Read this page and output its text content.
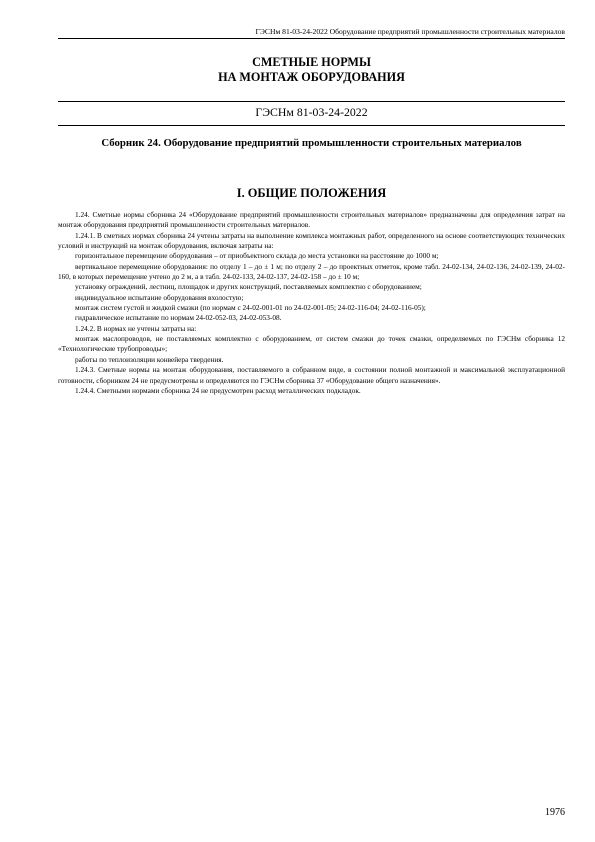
ГЭСНм 81-03-24-2022 Оборудование предприятий промышленности строительных материалов
СМЕТНЫЕ НОРМЫ
НА МОНТАЖ ОБОРУДОВАНИЯ
ГЭСНм 81-03-24-2022
Сборник 24. Оборудование предприятий промышленности строительных материалов
I. ОБЩИЕ ПОЛОЖЕНИЯ

1.24. Сметные нормы сборника 24 «Оборудование предприятий промышленности строительных материалов» предназначены для определения затрат на монтаж оборудования предприятий промышленности строительных материалов.

1.24.1. В сметных нормах сборника 24 учтены затраты на выполнение комплекса монтажных работ, определенного на основе соответствующих технических условий и инструкций на монтаж оборудования, включая затраты на:

горизонтальное перемещение оборудования – от приобъектного склада до места установки на расстояние до 1000 м;

вертикальное перемещение оборудования: по отделу 1 – до ± 1 м; по отделу 2 – до проектных отметок, кроме табл. 24-02-134, 24-02-136, 24-02-139, 24-02-160, в которых перемещение учтено до 2 м, а в табл. 24-02-133, 24-02-137, 24-02-158 – до ± 10 м;

установку ограждений, лестниц, площадок и других конструкций, поставляемых комплектно с оборудованием;

индивидуальное испытание оборудования вхолостую;

монтаж систем густой и жидкой смазки (по нормам с 24-02-001-01 по 24-02-001-05; 24-02-116-04; 24-02-116-05);

гидравлическое испытание по нормам 24-02-052-03, 24-02-053-08.

1.24.2. В нормах не учтены затраты на:

монтаж маслопроводов, не поставляемых комплектно с оборудованием, от систем смазки до точек смазки, определяемых по ГЭСНм сборника 12 «Технологические трубопроводы»;

работы по теплоизоляции конвейера твердения.

1.24.3. Сметные нормы на монтаж оборудования, поставляемого в собранном виде, в состоянии полной монтажной и максимальной эксплуатационной готовности, сборником 24 не предусмотрены и определяются по ГЭСНм сборника 37 «Оборудование общего назначения».

1.24.4. Сметными нормами сборника 24 не предусмотрен расход металлических подкладок.

1976
